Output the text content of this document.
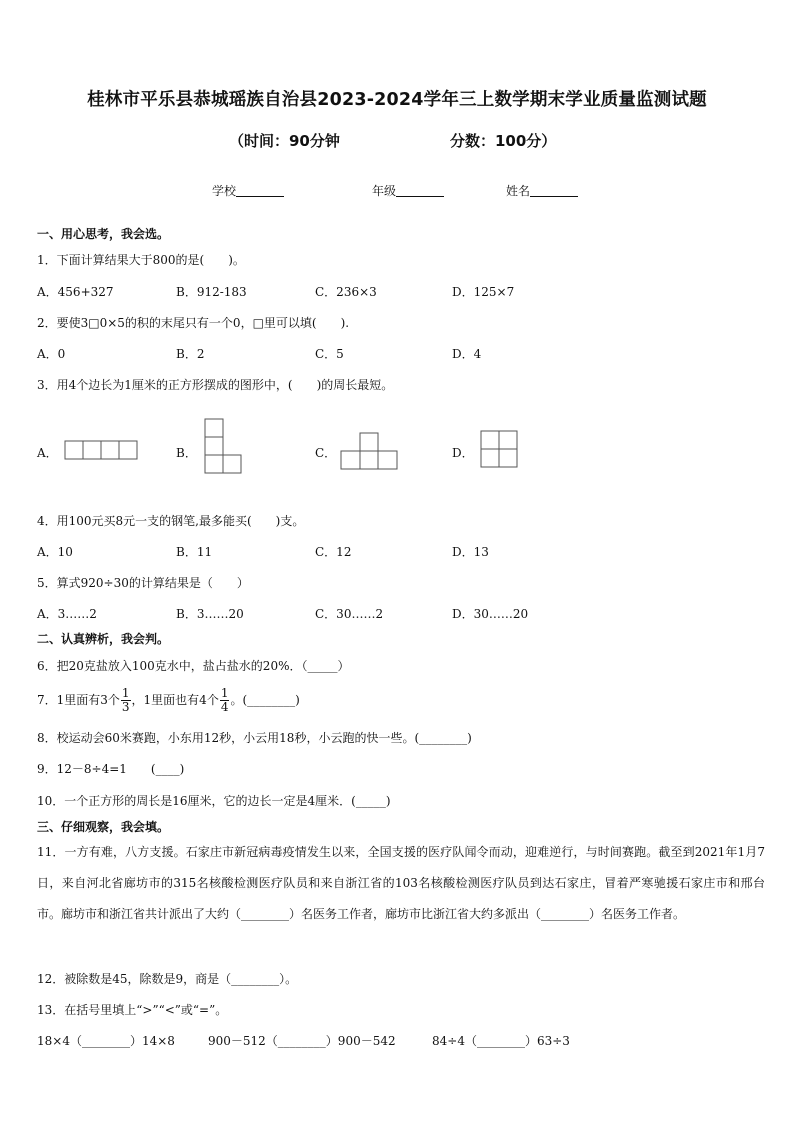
桂林市平乐县恭城瑶族自治县2023-2024学年三上数学期末学业质量监测试题
（时间：90分钟	分数：100分）
学校	年级	姓名
一、用心思考，我会选。
1．下面计算结果大于800的是(　　)。
A．456+327	B．912-183	C．236×3	D．125×7
2．要使3□0×5的积的末尾只有一个0，□里可以填(　　).
A．0	B．2	C．5	D．4
3．用4个边长为1厘米的正方形摆成的图形中，(　　)的周长最短。
A．	B．	C．	D．
4．用100元买8元一支的钢笔,最多能买(　　)支。
A．10	B．11	C．12	D．13
5．算式920÷30的计算结果是（　　）
A．3……2	B．3……20	C．30……2	D．30……20
二、认真辨析，我会判。
6．把20克盐放入100克水中，盐占盐水的20%．（_____）
7．1里面有3个 $\frac{1}{3}$ ，1里面也有4个 $\frac{1}{4}$ 。(________)
8．校运动会60米赛跑，小东用12秒，小云用18秒，小云跑的快一些。(________)
9．12－8÷4=1　　(____)
10．一个正方形的周长是16厘米，它的边长一定是4厘米．(_____)
三、仔细观察，我会填。
11．一方有难，八方支援。石家庄市新冠病毒疫情发生以来，全国支援的医疗队闻令而动，迎难逆行，与时间赛跑。截至到2021年1月7日，来自河北省廊坊市的315名核酸检测医疗队员和来自浙江省的103名核酸检测医疗队员到达石家庄，冒着严寒驰援石家庄市和邢台市。廊坊市和浙江省共计派出了大约（________）名医务工作者，廊坊市比浙江省大约多派出（________）名医务工作者。
12．被除数是45，除数是9，商是（________）。
13．在括号里填上“>”“<”或“=”。
18×4（________）14×8	900－512（________）900－542	84÷4（________）63÷3
